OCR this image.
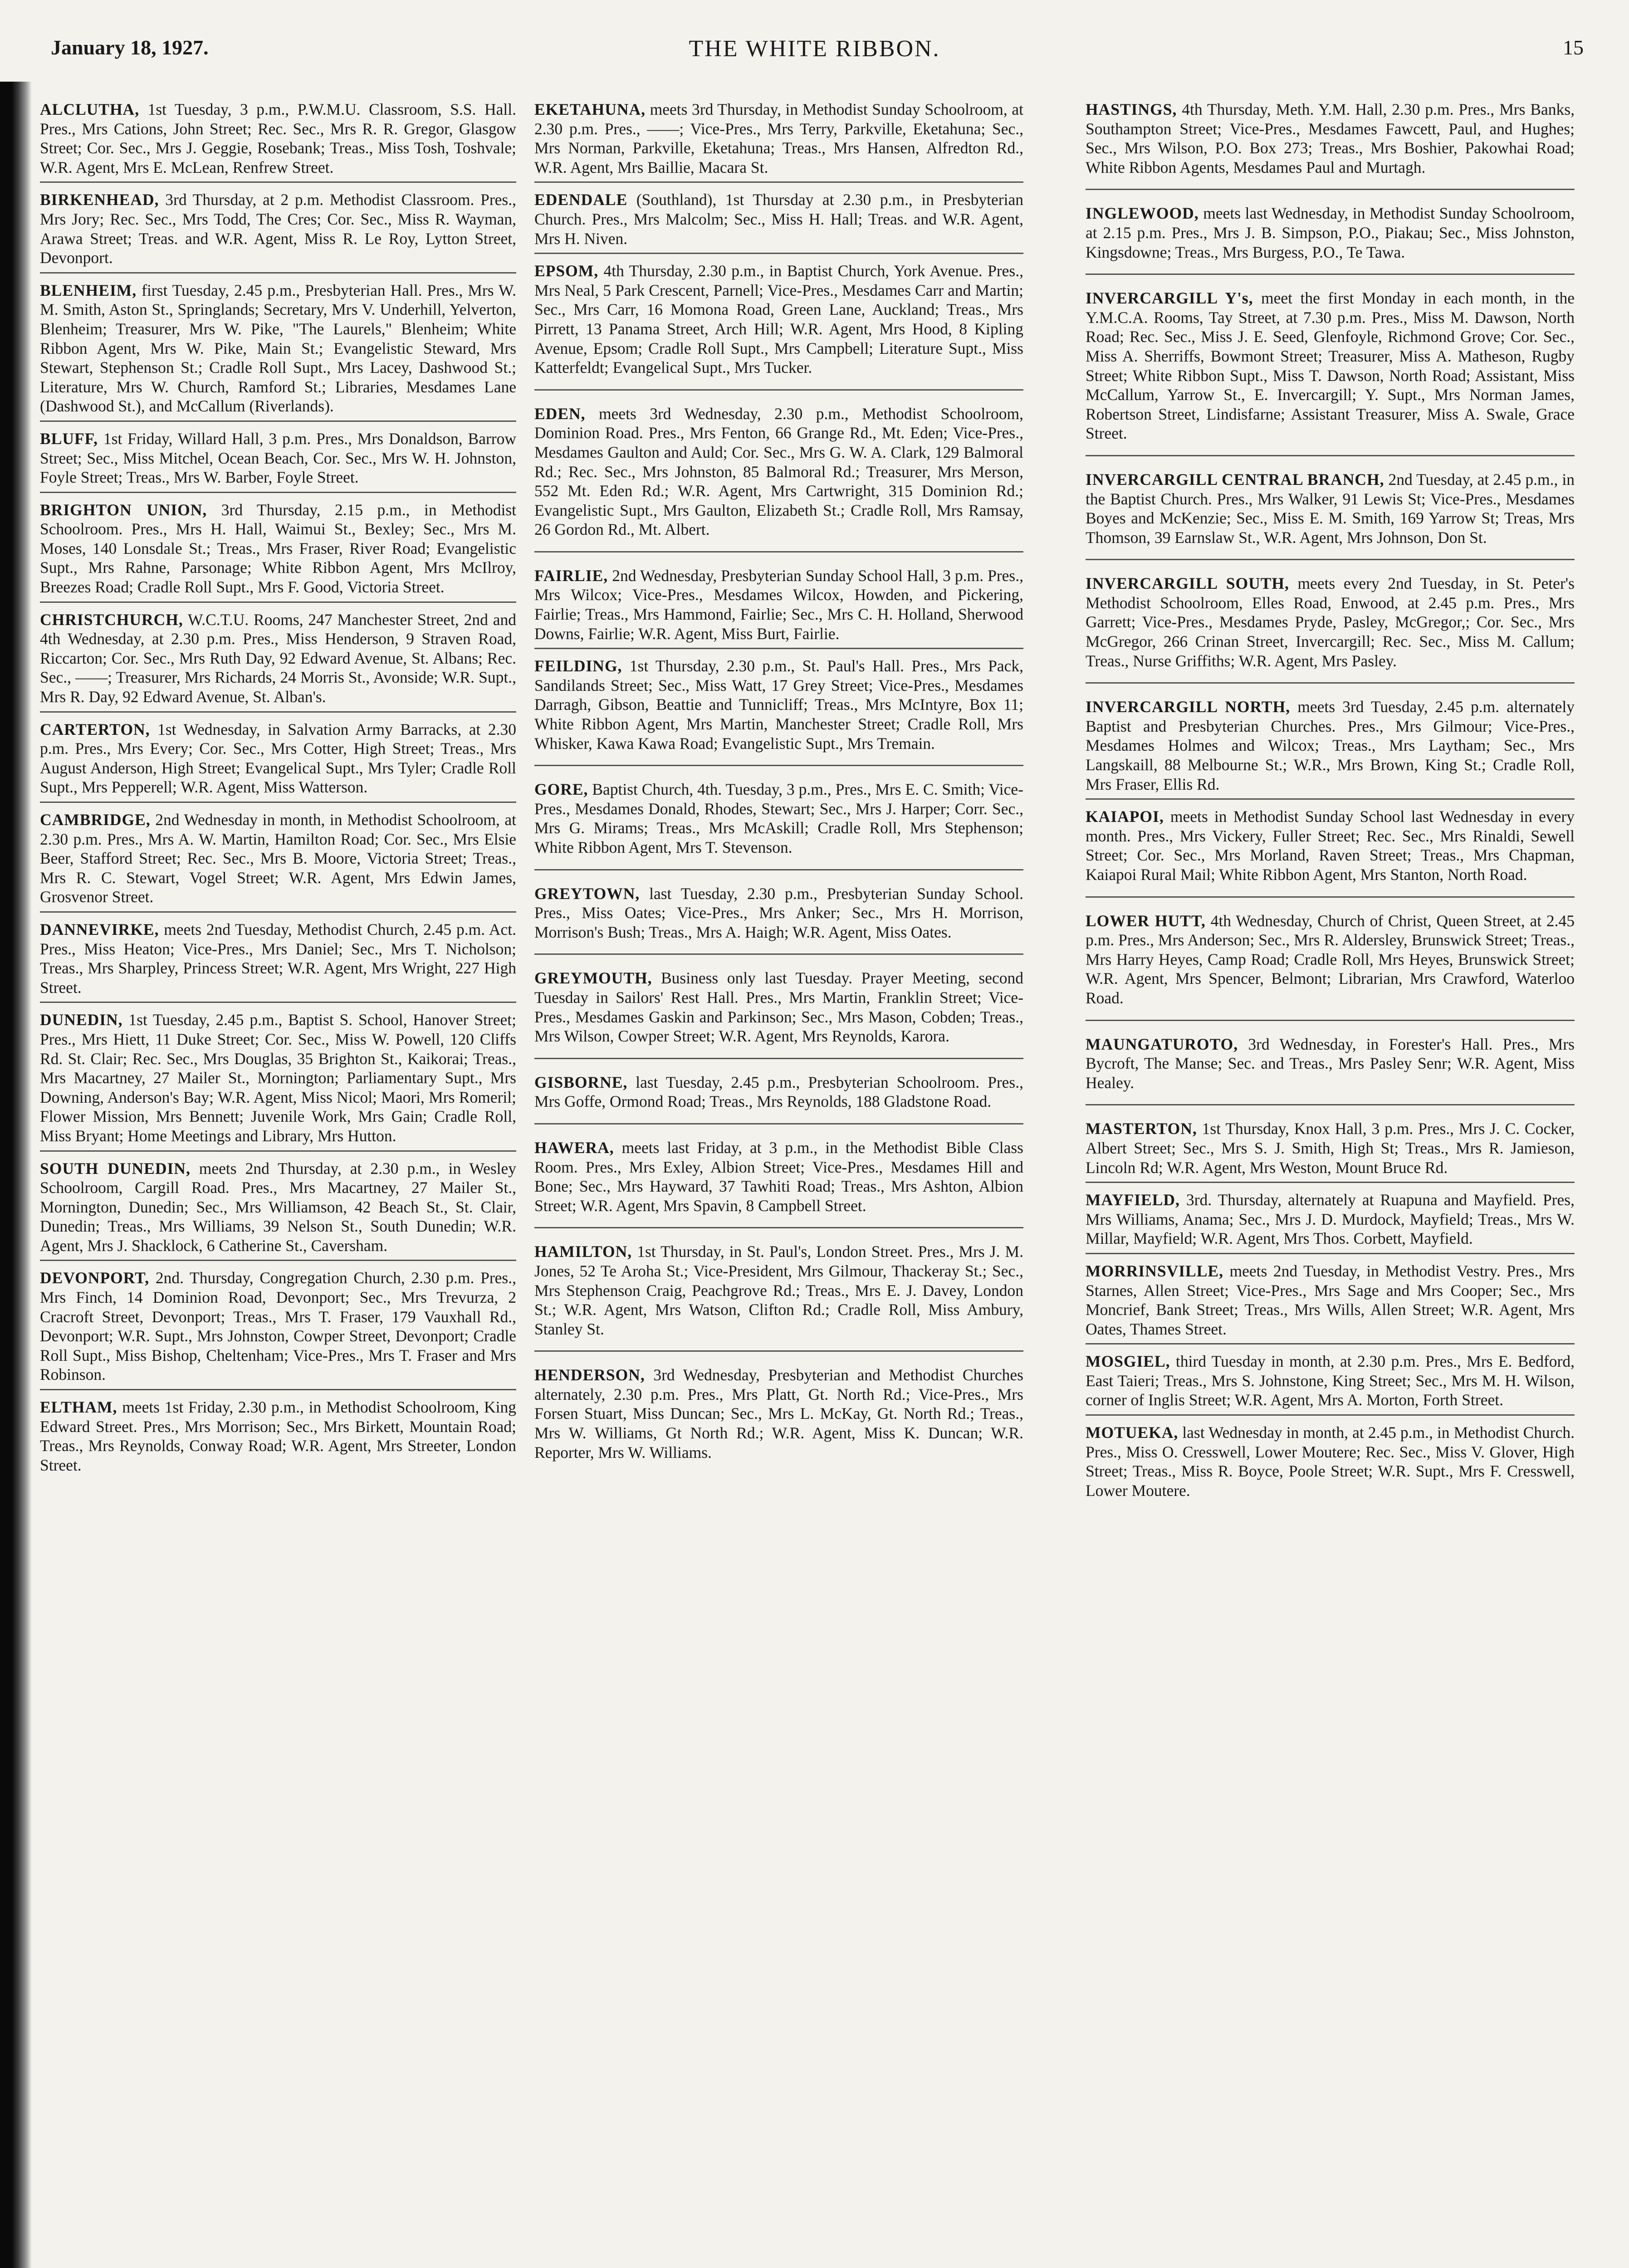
January 18, 1927.	THE WHITE RIBBON.	15

ALCLUTHA, 1st Tuesday, 3 p.m., P.W.M.U. Classroom, S.S. Hall. Pres., Mrs Cations, John Street; Rec. Sec., Mrs R. R. Gregor, Glasgow Street; Cor. Sec., Mrs J. Geggie, Rosebank; Treas., Miss Tosh, Toshvale; W.R. Agent, Mrs E. McLean, Renfrew Street.

BIRKENHEAD, 3rd Thursday, at 2 p.m. Methodist Classroom. Pres., Mrs Jory; Rec. Sec., Mrs Todd, The Cres; Cor. Sec., Miss R. Wayman, Arawa Street; Treas. and W.R. Agent, Miss R. Le Roy, Lytton Street, Devonport.

BLENHEIM, first Tuesday, 2.45 p.m., Presbyterian Hall. Pres., Mrs W. M. Smith, Aston St., Springlands; Secretary, Mrs V. Underhill, Yelverton, Blenheim; Treasurer, Mrs W. Pike, "The Laurels," Blenheim; White Ribbon Agent, Mrs W. Pike, Main St.; Evangelistic Steward, Mrs Stewart, Stephenson St.; Cradle Roll Supt., Mrs Lacey, Dashwood St.; Literature, Mrs W. Church, Ramford St.; Libraries, Mesdames Lane (Dashwood St.), and McCallum (Riverlands).

BLUFF, 1st Friday, Willard Hall, 3 p.m. Pres., Mrs Donaldson, Barrow Street; Sec., Miss Mitchel, Ocean Beach, Cor. Sec., Mrs W. H. Johnston, Foyle Street; Treas., Mrs W. Barber, Foyle Street.

BRIGHTON UNION, 3rd Thursday, 2.15 p.m., in Methodist Schoolroom. Pres., Mrs H. Hall, Waimui St., Bexley; Sec., Mrs M. Moses, 140 Lonsdale St.; Treas., Mrs Fraser, River Road; Evangelistic Supt., Mrs Rahne, Parsonage; White Ribbon Agent, Mrs McIlroy, Breezes Road; Cradle Roll Supt., Mrs F. Good, Victoria Street.

CHRISTCHURCH, W.C.T.U. Rooms, 247 Manchester Street, 2nd and 4th Wednesday, at 2.30 p.m. Pres., Miss Henderson, 9 Straven Road, Riccarton; Cor. Sec., Mrs Ruth Day, 92 Edward Avenue, St. Albans; Rec. Sec., ——; Treasurer, Mrs Richards, 24 Morris St., Avonside; W.R. Supt., Mrs R. Day, 92 Edward Avenue, St. Alban's.

CARTERTON, 1st Wednesday, in Salvation Army Barracks, at 2.30 p.m. Pres., Mrs Every; Cor. Sec., Mrs Cotter, High Street; Treas., Mrs August Anderson, High Street; Evangelical Supt., Mrs Tyler; Cradle Roll Supt., Mrs Pepperell; W.R. Agent, Miss Watterson.

CAMBRIDGE, 2nd Wednesday in month, in Methodist Schoolroom, at 2.30 p.m. Pres., Mrs A. W. Martin, Hamilton Road; Cor. Sec., Mrs Elsie Beer, Stafford Street; Rec. Sec., Mrs B. Moore, Victoria Street; Treas., Mrs R. C. Stewart, Vogel Street; W.R. Agent, Mrs Edwin James, Grosvenor Street.

DANNEVIRKE, meets 2nd Tuesday, Methodist Church, 2.45 p.m. Act. Pres., Miss Heaton; Vice-Pres., Mrs Daniel; Sec., Mrs T. Nicholson; Treas., Mrs Sharpley, Princess Street; W.R. Agent, Mrs Wright, 227 High Street.

DUNEDIN, 1st Tuesday, 2.45 p.m., Baptist S. School, Hanover Street; Pres., Mrs Hiett, 11 Duke Street; Cor. Sec., Miss W. Powell, 120 Cliffs Rd. St. Clair; Rec. Sec., Mrs Douglas, 35 Brighton St., Kaikorai; Treas., Mrs Macartney, 27 Mailer St., Mornington; Parliamentary Supt., Mrs Downing, Anderson's Bay; W.R. Agent, Miss Nicol; Maori, Mrs Romeril; Flower Mission, Mrs Bennett; Juvenile Work, Mrs Gain; Cradle Roll, Miss Bryant; Home Meetings and Library, Mrs Hutton.

SOUTH DUNEDIN, meets 2nd Thursday, at 2.30 p.m., in Wesley Schoolroom, Cargill Road. Pres., Mrs Macartney, 27 Mailer St., Mornington, Dunedin; Sec., Mrs Williamson, 42 Beach St., St. Clair, Dunedin; Treas., Mrs Williams, 39 Nelson St., South Dunedin; W.R. Agent, Mrs J. Shacklock, 6 Catherine St., Caversham.

DEVONPORT, 2nd. Thursday, Congregation Church, 2.30 p.m. Pres., Mrs Finch, 14 Dominion Road, Devonport; Sec., Mrs Trevurza, 2 Cracroft Street, Devonport; Treas., Mrs T. Fraser, 179 Vauxhall Rd., Devonport; W.R. Supt., Mrs Johnston, Cowper Street, Devonport; Cradle Roll Supt., Miss Bishop, Cheltenham; Vice-Pres., Mrs T. Fraser and Mrs Robinson.

ELTHAM, meets 1st Friday, 2.30 p.m., in Methodist Schoolroom, King Edward Street. Pres., Mrs Morrison; Sec., Mrs Birkett, Mountain Road; Treas., Mrs Reynolds, Conway Road; W.R. Agent, Mrs Streeter, London Street.

EKETAHUNA, meets 3rd Thursday, in Methodist Sunday Schoolroom, at 2.30 p.m. Pres., ——; Vice-Pres., Mrs Terry, Parkville, Eketahuna; Sec., Mrs Norman, Parkville, Eketahuna; Treas., Mrs Hansen, Alfredton Rd., W.R. Agent, Mrs Baillie, Macara St.

EDENDALE (Southland), 1st Thursday at 2.30 p.m., in Presbyterian Church. Pres., Mrs Malcolm; Sec., Miss H. Hall; Treas. and W.R. Agent, Mrs H. Niven.

EPSOM, 4th Thursday, 2.30 p.m., in Baptist Church, York Avenue. Pres., Mrs Neal, 5 Park Crescent, Parnell; Vice-Pres., Mesdames Carr and Martin; Sec., Mrs Carr, 16 Momona Road, Green Lane, Auckland; Treas., Mrs Pirrett, 13 Panama Street, Arch Hill; W.R. Agent, Mrs Hood, 8 Kipling Avenue, Epsom; Cradle Roll Supt., Mrs Campbell; Literature Supt., Miss Katterfeldt; Evangelical Supt., Mrs Tucker.

EDEN, meets 3rd Wednesday, 2.30 p.m., Methodist Schoolroom, Dominion Road. Pres., Mrs Fenton, 66 Grange Rd., Mt. Eden; Vice-Pres., Mesdames Gaulton and Auld; Cor. Sec., Mrs G. W. A. Clark, 129 Balmoral Rd.; Rec. Sec., Mrs Johnston, 85 Balmoral Rd.; Treasurer, Mrs Merson, 552 Mt. Eden Rd.; W.R. Agent, Mrs Cartwright, 315 Dominion Rd.; Evangelistic Supt., Mrs Gaulton, Elizabeth St.; Cradle Roll, Mrs Ramsay, 26 Gordon Rd., Mt. Albert.

FAIRLIE, 2nd Wednesday, Presbyterian Sunday School Hall, 3 p.m. Pres., Mrs Wilcox; Vice-Pres., Mesdames Wilcox, Howden, and Pickering, Fairlie; Treas., Mrs Hammond, Fairlie; Sec., Mrs C. H. Holland, Sherwood Downs, Fairlie; W.R. Agent, Miss Burt, Fairlie.

FEILDING, 1st Thursday, 2.30 p.m., St. Paul's Hall. Pres., Mrs Pack, Sandilands Street; Sec., Miss Watt, 17 Grey Street; Vice-Pres., Mesdames Darragh, Gibson, Beattie and Tunnicliff; Treas., Mrs McIntyre, Box 11; White Ribbon Agent, Mrs Martin, Manchester Street; Cradle Roll, Mrs Whisker, Kawa Kawa Road; Evangelistic Supt., Mrs Tremain.

GORE, Baptist Church, 4th. Tuesday, 3 p.m., Pres., Mrs E. C. Smith; Vice-Pres., Mesdames Donald, Rhodes, Stewart; Sec., Mrs J. Harper; Corr. Sec., Mrs G. Mirams; Treas., Mrs McAskill; Cradle Roll, Mrs Stephenson; White Ribbon Agent, Mrs T. Stevenson.

GREYTOWN, last Tuesday, 2.30 p.m., Presbyterian Sunday School. Pres., Miss Oates; Vice-Pres., Mrs Anker; Sec., Mrs H. Morrison, Morrison's Bush; Treas., Mrs A. Haigh; W.R. Agent, Miss Oates.

GREYMOUTH, Business only last Tuesday. Prayer Meeting, second Tuesday in Sailors' Rest Hall. Pres., Mrs Martin, Franklin Street; Vice-Pres., Mesdames Gaskin and Parkinson; Sec., Mrs Mason, Cobden; Treas., Mrs Wilson, Cowper Street; W.R. Agent, Mrs Reynolds, Karora.

GISBORNE, last Tuesday, 2.45 p.m., Presbyterian Schoolroom. Pres., Mrs Goffe, Ormond Road; Treas., Mrs Reynolds, 188 Gladstone Road.

HAWERA, meets last Friday, at 3 p.m., in the Methodist Bible Class Room. Pres., Mrs Exley, Albion Street; Vice-Pres., Mesdames Hill and Bone; Sec., Mrs Hayward, 37 Tawhiti Road; Treas., Mrs Ashton, Albion Street; W.R. Agent, Mrs Spavin, 8 Campbell Street.

HAMILTON, 1st Thursday, in St. Paul's, London Street. Pres., Mrs J. M. Jones, 52 Te Aroha St.; Vice-President, Mrs Gilmour, Thackeray St.; Sec., Mrs Stephenson Craig, Peachgrove Rd.; Treas., Mrs E. J. Davey, London St.; W.R. Agent, Mrs Watson, Clifton Rd.; Cradle Roll, Miss Ambury, Stanley St.

HENDERSON, 3rd Wednesday, Presbyterian and Methodist Churches alternately, 2.30 p.m. Pres., Mrs Platt, Gt. North Rd.; Vice-Pres., Mrs Forsen Stuart, Miss Duncan; Sec., Mrs L. McKay, Gt. North Rd.; Treas., Mrs W. Williams, Gt North Rd.; W.R. Agent, Miss K. Duncan; W.R. Reporter, Mrs W. Williams.

HASTINGS, 4th Thursday, Meth. Y.M. Hall, 2.30 p.m. Pres., Mrs Banks, Southampton Street; Vice-Pres., Mesdames Fawcett, Paul, and Hughes; Sec., Mrs Wilson, P.O. Box 273; Treas., Mrs Boshier, Pakowhai Road; White Ribbon Agents, Mesdames Paul and Murtagh.

INGLEWOOD, meets last Wednesday, in Methodist Sunday Schoolroom, at 2.15 p.m. Pres., Mrs J. B. Simpson, P.O., Piakau; Sec., Miss Johnston, Kingsdowne; Treas., Mrs Burgess, P.O., Te Tawa.

INVERCARGILL Y's, meet the first Monday in each month, in the Y.M.C.A. Rooms, Tay Street, at 7.30 p.m. Pres., Miss M. Dawson, North Road; Rec. Sec., Miss J. E. Seed, Glenfoyle, Richmond Grove; Cor. Sec., Miss A. Sherriffs, Bowmont Street; Treasurer, Miss A. Matheson, Rugby Street; White Ribbon Supt., Miss T. Dawson, North Road; Assistant, Miss McCallum, Yarrow St., E. Invercargill; Y. Supt., Mrs Norman James, Robertson Street, Lindisfarne; Assistant Treasurer, Miss A. Swale, Grace Street.

INVERCARGILL CENTRAL BRANCH, 2nd Tuesday, at 2.45 p.m., in the Baptist Church. Pres., Mrs Walker, 91 Lewis St; Vice-Pres., Mesdames Boyes and McKenzie; Sec., Miss E. M. Smith, 169 Yarrow St; Treas, Mrs Thomson, 39 Earnslaw St., W.R. Agent, Mrs Johnson, Don St.

INVERCARGILL SOUTH, meets every 2nd Tuesday, in St. Peter's Methodist Schoolroom, Elles Road, Enwood, at 2.45 p.m. Pres., Mrs Garrett; Vice-Pres., Mesdames Pryde, Pasley, McGregor,; Cor. Sec., Mrs McGregor, 266 Crinan Street, Invercargill; Rec. Sec., Miss M. Callum; Treas., Nurse Griffiths; W.R. Agent, Mrs Pasley.

INVERCARGILL NORTH, meets 3rd Tuesday, 2.45 p.m. alternately Baptist and Presbyterian Churches. Pres., Mrs Gilmour; Vice-Pres., Mesdames Holmes and Wilcox; Treas., Mrs Laytham; Sec., Mrs Langskaill, 88 Melbourne St.; W.R., Mrs Brown, King St.; Cradle Roll, Mrs Fraser, Ellis Rd.

KAIAPOI, meets in Methodist Sunday School last Wednesday in every month. Pres., Mrs Vickery, Fuller Street; Rec. Sec., Mrs Rinaldi, Sewell Street; Cor. Sec., Mrs Morland, Raven Street; Treas., Mrs Chapman, Kaiapoi Rural Mail; White Ribbon Agent, Mrs Stanton, North Road.

LOWER HUTT, 4th Wednesday, Church of Christ, Queen Street, at 2.45 p.m. Pres., Mrs Anderson; Sec., Mrs R. Aldersley, Brunswick Street; Treas., Mrs Harry Heyes, Camp Road; Cradle Roll, Mrs Heyes, Brunswick Street; W.R. Agent, Mrs Spencer, Belmont; Librarian, Mrs Crawford, Waterloo Road.

MAUNGATUROTO, 3rd Wednesday, in Forester's Hall. Pres., Mrs Bycroft, The Manse; Sec. and Treas., Mrs Pasley Senr; W.R. Agent, Miss Healey.

MASTERTON, 1st Thursday, Knox Hall, 3 p.m. Pres., Mrs J. C. Cocker, Albert Street; Sec., Mrs S. J. Smith, High St; Treas., Mrs R. Jamieson, Lincoln Rd; W.R. Agent, Mrs Weston, Mount Bruce Rd.

MAYFIELD, 3rd. Thursday, alternately at Ruapuna and Mayfield. Pres, Mrs Williams, Anama; Sec., Mrs J. D. Murdock, Mayfield; Treas., Mrs W. Millar, Mayfield; W.R. Agent, Mrs Thos. Corbett, Mayfield.

MORRINSVILLE, meets 2nd Tuesday, in Methodist Vestry. Pres., Mrs Starnes, Allen Street; Vice-Pres., Mrs Sage and Mrs Cooper; Sec., Mrs Moncrief, Bank Street; Treas., Mrs Wills, Allen Street; W.R. Agent, Mrs Oates, Thames Street.

MOSGIEL, third Tuesday in month, at 2.30 p.m. Pres., Mrs E. Bedford, East Taieri; Treas., Mrs S. Johnstone, King Street; Sec., Mrs M. H. Wilson, corner of Inglis Street; W.R. Agent, Mrs A. Morton, Forth Street.

MOTUEKA, last Wednesday in month, at 2.45 p.m., in Methodist Church. Pres., Miss O. Cresswell, Lower Moutere; Rec. Sec., Miss V. Glover, High Street; Treas., Miss R. Boyce, Poole Street; W.R. Supt., Mrs F. Cresswell, Lower Moutere.
